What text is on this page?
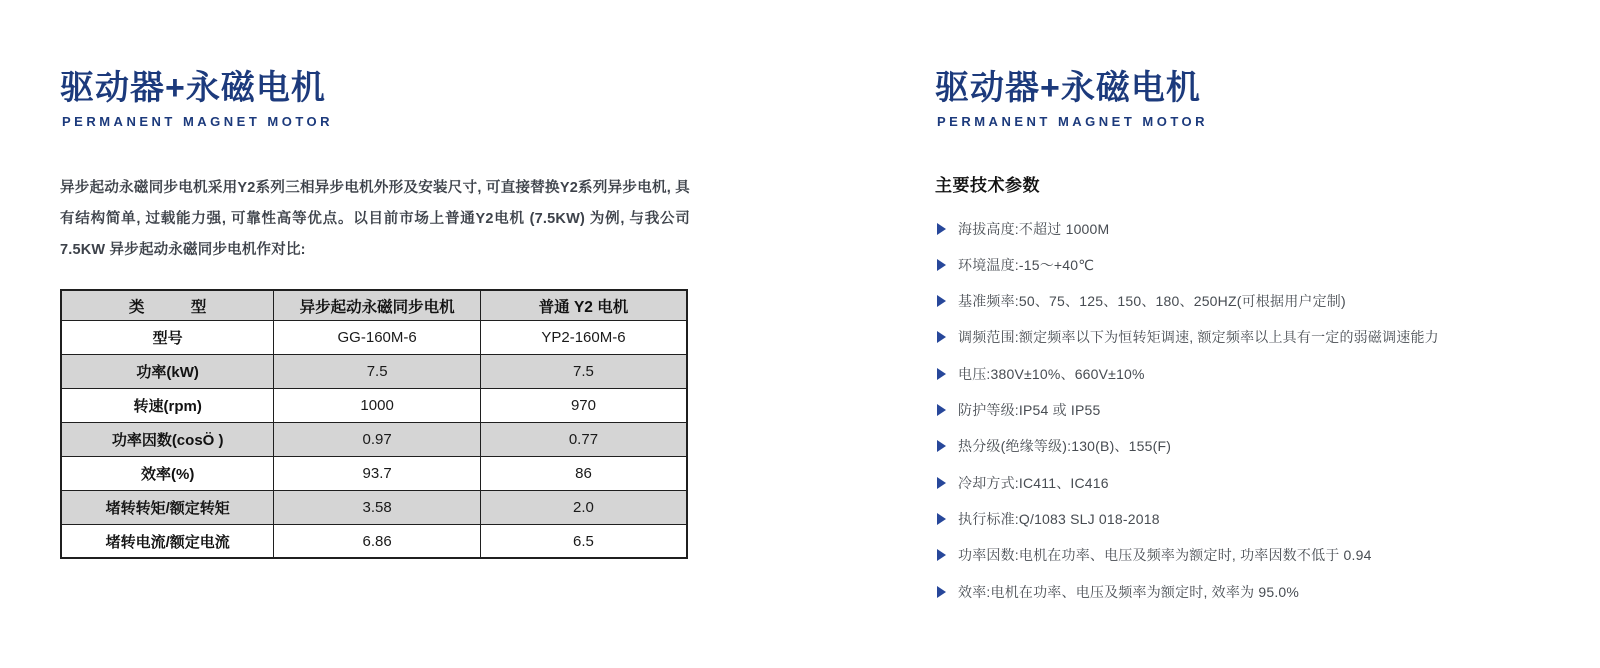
驱动器+永磁电机
PERMANENT MAGNET MOTOR

异步起动永磁同步电机采用Y2系列三相异步电机外形及安装尺寸, 可直接替换Y2系列异步电机, 具有结构简单, 过载能力强, 可靠性高等优点。以目前市场上普通Y2电机 (7.5KW) 为例, 与我公司 7.5KW 异步起动永磁同步电机作对比:

类　　　型	异步起动永磁同步电机	普通 Y2 电机
型号	GG-160M-6	YP2-160M-6
功率(kW)	7.5	7.5
转速(rpm)	1000	970
功率因数(cosÖ )	0.97	0.77
效率(%)	93.7	86
堵转转矩/额定转矩	3.58	2.0
堵转电流/额定电流	6.86	6.5
驱动器+永磁电机
PERMANENT MAGNET MOTOR
主要技术参数
海拔高度:不超过 1000M
环境温度:-15～+40℃
基准频率:50、75、125、150、180、250HZ(可根据用户定制)
调频范围:额定频率以下为恒转矩调速, 额定频率以上具有一定的弱磁调速能力
电压:380V±10%、660V±10%
防护等级:IP54 或 IP55
热分级(绝缘等级):130(B)、155(F)
冷却方式:IC411、IC416
执行标准:Q/1083 SLJ 018-2018
功率因数:电机在功率、电压及频率为额定时, 功率因数不低于 0.94
效率:电机在功率、电压及频率为额定时, 效率为 95.0%
